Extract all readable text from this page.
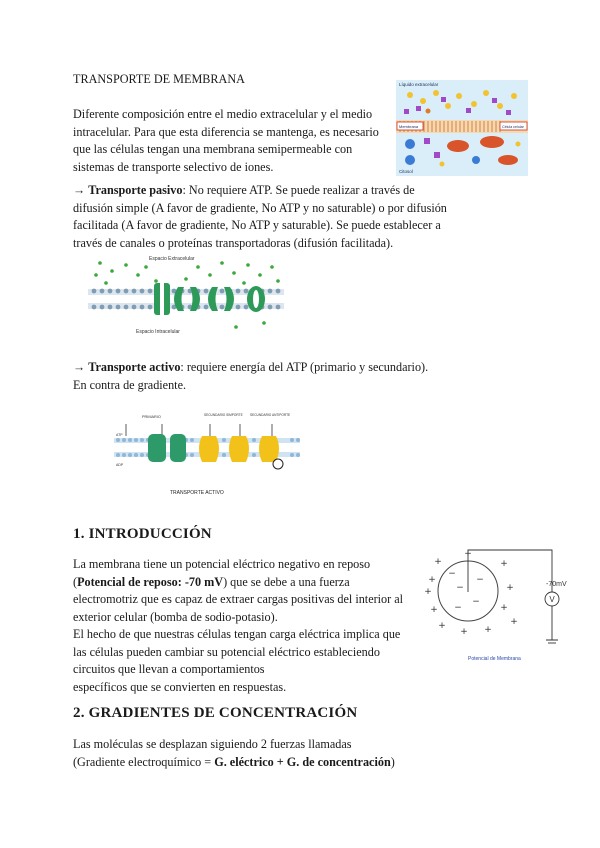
TRANSPORTE DE MEMBRANA
Diferente composición entre el medio extracelular y el medio
intracelular. Para que esta diferencia se mantenga, es necesario
que las células tengan una membrana semipermeable con
sistemas de transporte selectivo de iones.
Líquido extracelular
Membrana	Célula celular
Citosol
→ Transporte pasivo: No requiere ATP. Se puede realizar a través de
difusión simple (A favor de gradiente, No ATP y no saturable) o por difusión
facilitada (A favor de gradiente, No ATP y saturable). Se puede establecer a
través de canales o proteínas transportadoras (difusión facilitada).
Espacio Extracelular
Espacio Intracelular
→ Transporte activo: requiere energía del ATP (primario y secundario).
En contra de gradiente.
PRIMARIO	SECUNDARIO SIMPORTE SECUNDARIO ANTIPORTE
ATP
ADP
TRANSPORTE ACTIVO
1. INTRODUCCIÓN
La membrana tiene un potencial eléctrico negativo en reposo
(Potencial de reposo: -70 mV) que se debe a una fuerza
electromotriz que es capaz de extraer cargas positivas del interior al
exterior celular (bomba de sodio-potasio).
El hecho de que nuestras células tengan carga eléctrica implica que
las células pueden cambiar su potencial eléctrico estableciendo
circuitos que llevan a comportamientos
específicos que se convierten en respuestas.
+
+
+
+	+
+
+
+
+ +
+
+
−
−
−
−
−
V
-70mV
Potencial de Membrana
2. GRADIENTES DE CONCENTRACIÓN
Las moléculas se desplazan siguiendo 2 fuerzas llamadas
(Gradiente electroquímico = G. eléctrico + G. de concentración)
